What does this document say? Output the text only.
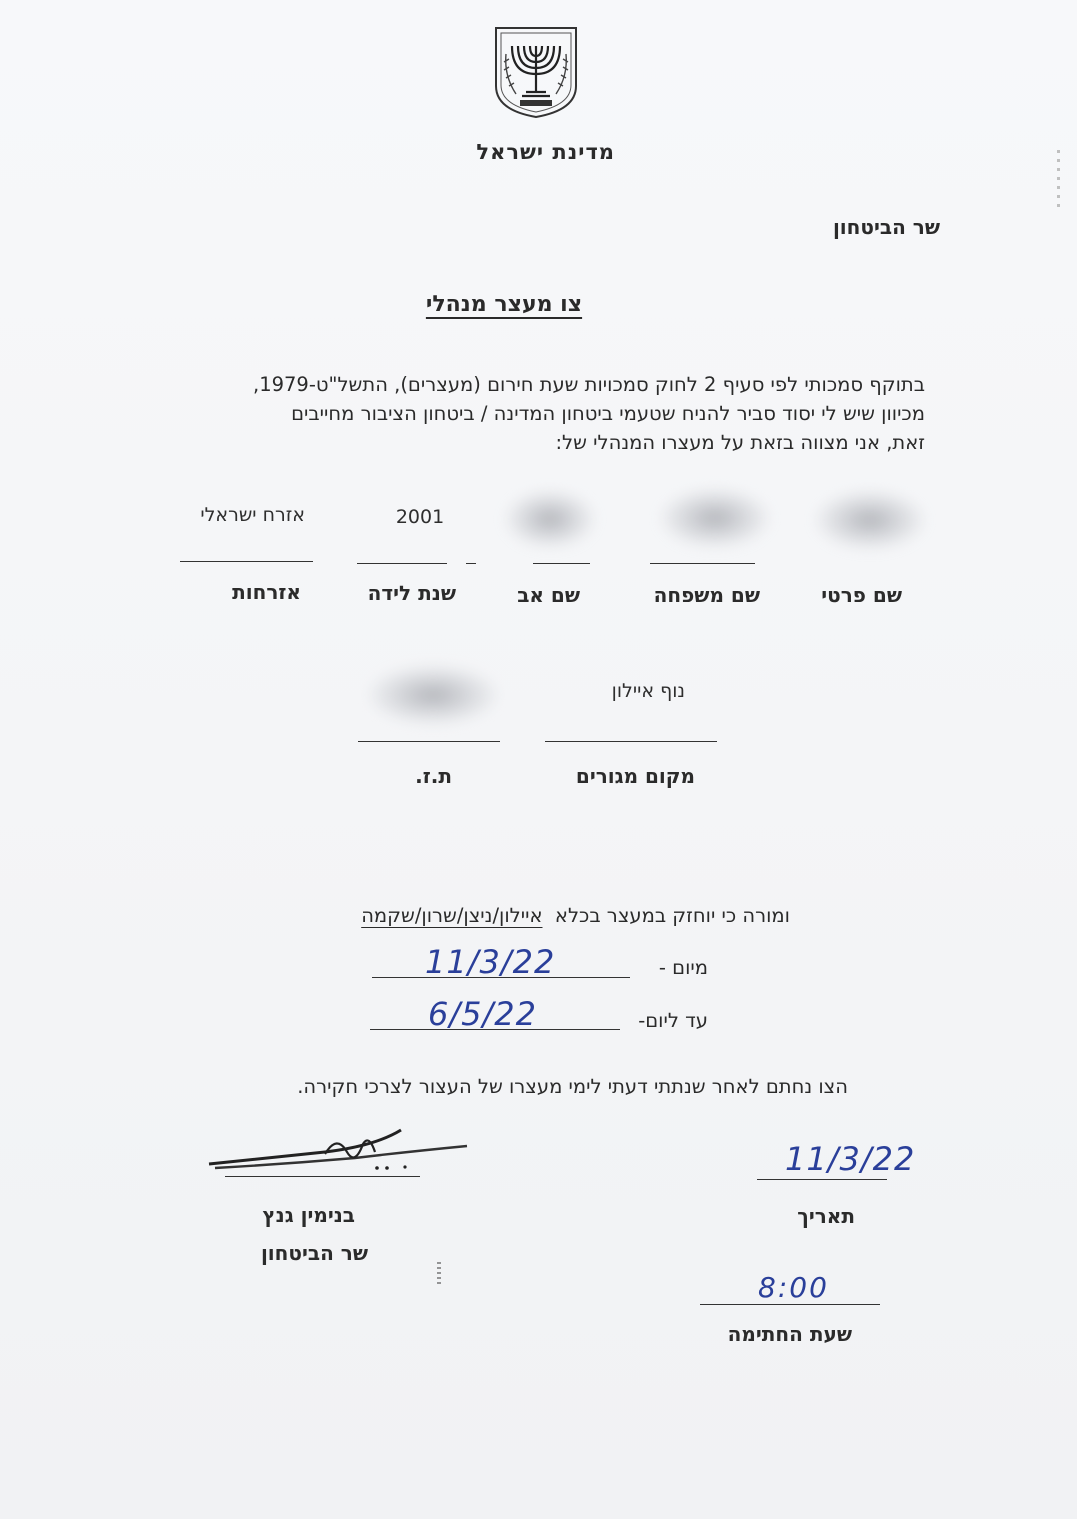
מדינת ישראל
שר הביטחון
צו מעצר מנהלי
בתוקף סמכותי לפי סעיף 2 לחוק סמכויות שעת חירום (מעצרים), התשל"ט-1979,
מכיוון שיש לי יסוד סביר להניח שטעמי ביטחון המדינה / ביטחון הציבור מחייבים
זאת, אני מצווה בזאת על מעצרו המנהלי של:
2001
אזרח ישראלי
שם פרטי
שם משפחה
שם אב
שנת לידה
אזרחות
נוף איילון
מקום מגורים
ת.ז.
ומורה כי יוחזק במעצר בכלא  איילון/ניצן/שרון/שקמה
מיום -
11/3/22
עד ליום-
6/5/22
הצו נחתם לאחר שנתתי דעתי לימי מעצרו של העצור לצרכי חקירה.
בנימין גנץ
שר הביטחון
11/3/22
תאריך
8:00
שעת החתימה
